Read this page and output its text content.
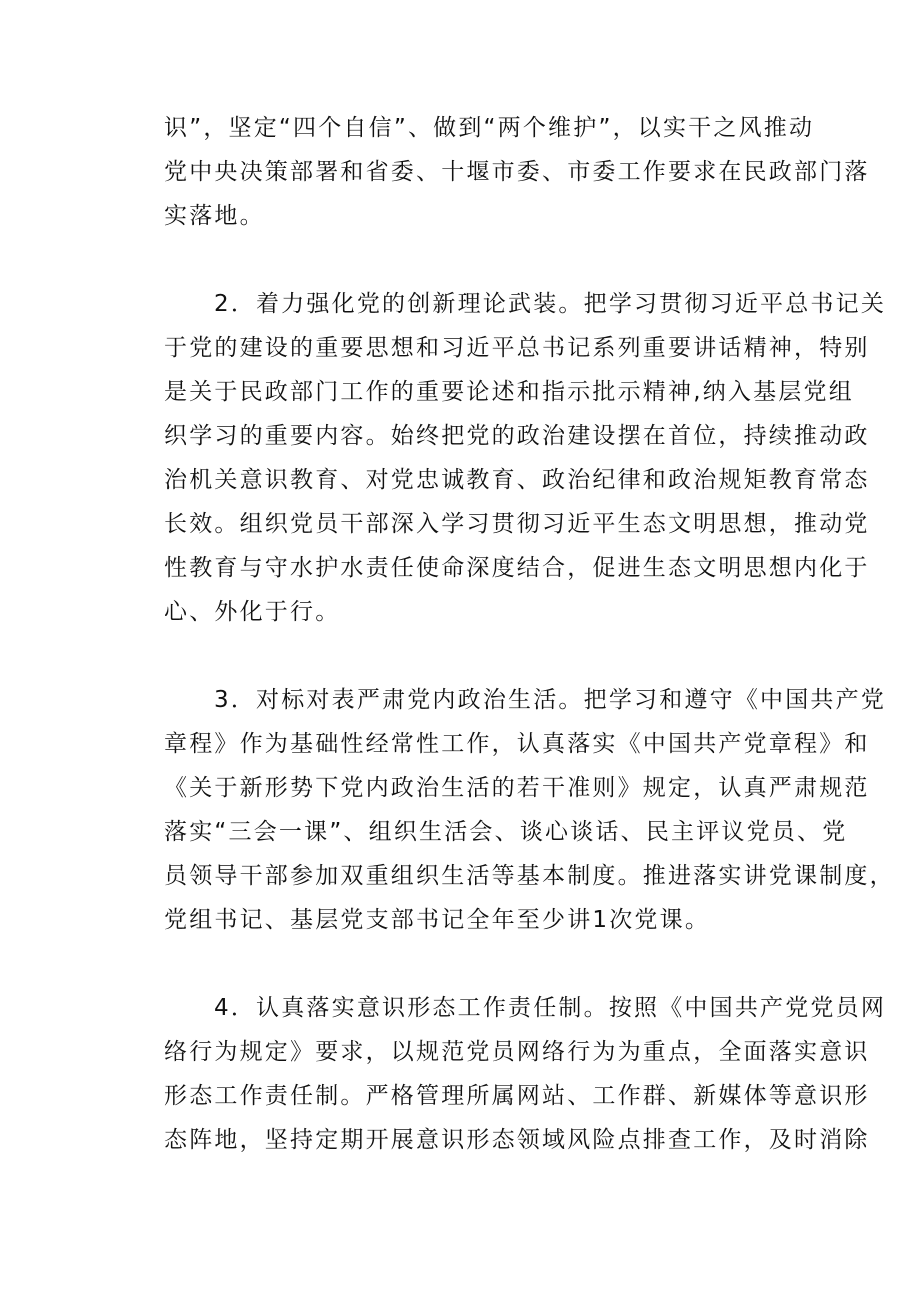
识”，坚定“四个自信”、做到“两个维护”，以实干之风推动
党中央决策部署和省委、十堰市委、市委工作要求在民政部门落
实落地。
2．着力强化党的创新理论武装。把学习贯彻习近平总书记关
于党的建设的重要思想和习近平总书记系列重要讲话精神，特别
是关于民政部门工作的重要论述和指示批示精神,纳入基层党组
织学习的重要内容。始终把党的政治建设摆在首位，持续推动政
治机关意识教育、对党忠诚教育、政治纪律和政治规矩教育常态
长效。组织党员干部深入学习贯彻习近平生态文明思想，推动党
性教育与守水护水责任使命深度结合，促进生态文明思想内化于
心、外化于行。
3．对标对表严肃党内政治生活。把学习和遵守《中国共产党
章程》作为基础性经常性工作，认真落实《中国共产党章程》和
《关于新形势下党内政治生活的若干准则》规定，认真严肃规范
落实“三会一课”、组织生活会、谈心谈话、民主评议党员、党
员领导干部参加双重组织生活等基本制度。推进落实讲党课制度，
党组书记、基层党支部书记全年至少讲1次党课。
4．认真落实意识形态工作责任制。按照《中国共产党党员网
络行为规定》要求，以规范党员网络行为为重点，全面落实意识
形态工作责任制。严格管理所属网站、工作群、新媒体等意识形
态阵地，坚持定期开展意识形态领域风险点排查工作，及时消除
